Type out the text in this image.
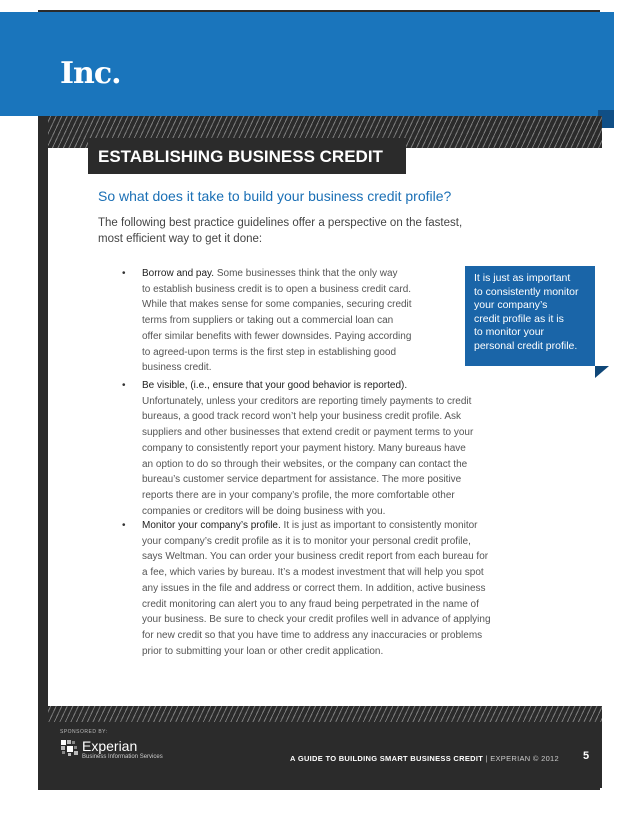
Inc.
ESTABLISHING BUSINESS CREDIT
So what does it take to build your business credit profile?
The following best practice guidelines offer a perspective on the fastest,
most efficient way to get it done:
• Borrow and pay. Some businesses think that the only way
to establish business credit is to open a business credit card.
While that makes sense for some companies, securing credit
terms from suppliers or taking out a commercial loan can
offer similar benefits with fewer downsides. Paying according
to agreed-upon terms is the first step in establishing good
business credit.
• Be visible, (i.e., ensure that your good behavior is reported).
Unfortunately, unless your creditors are reporting timely payments to credit
bureaus, a good track record won’t help your business credit profile. Ask
suppliers and other businesses that extend credit or payment terms to your
company to consistently report your payment history. Many bureaus have
an option to do so through their websites, or the company can contact the
bureau’s customer service department for assistance. The more positive
reports there are in your company’s profile, the more comfortable other
companies or creditors will be doing business with you.
• Monitor your company’s profile. It is just as important to consistently monitor
your company’s credit profile as it is to monitor your personal credit profile,
says Weltman. You can order your business credit report from each bureau for
a fee, which varies by bureau. It’s a modest investment that will help you spot
any issues in the file and address or correct them. In addition, active business
credit monitoring can alert you to any fraud being perpetrated in the name of
your business. Be sure to check your credit profiles well in advance of applying
for new credit so that you have time to address any inaccuracies or problems
prior to submitting your loan or other credit application.
It is just as important
to consistently monitor
your company’s
credit profile as it is
to monitor your
personal credit profile.
SPONSORED BY:
Experian
Business Information Services	A GUIDE TO BUILDING SMART BUSINESS CREDIT | EXPERIAN © 2012 5
